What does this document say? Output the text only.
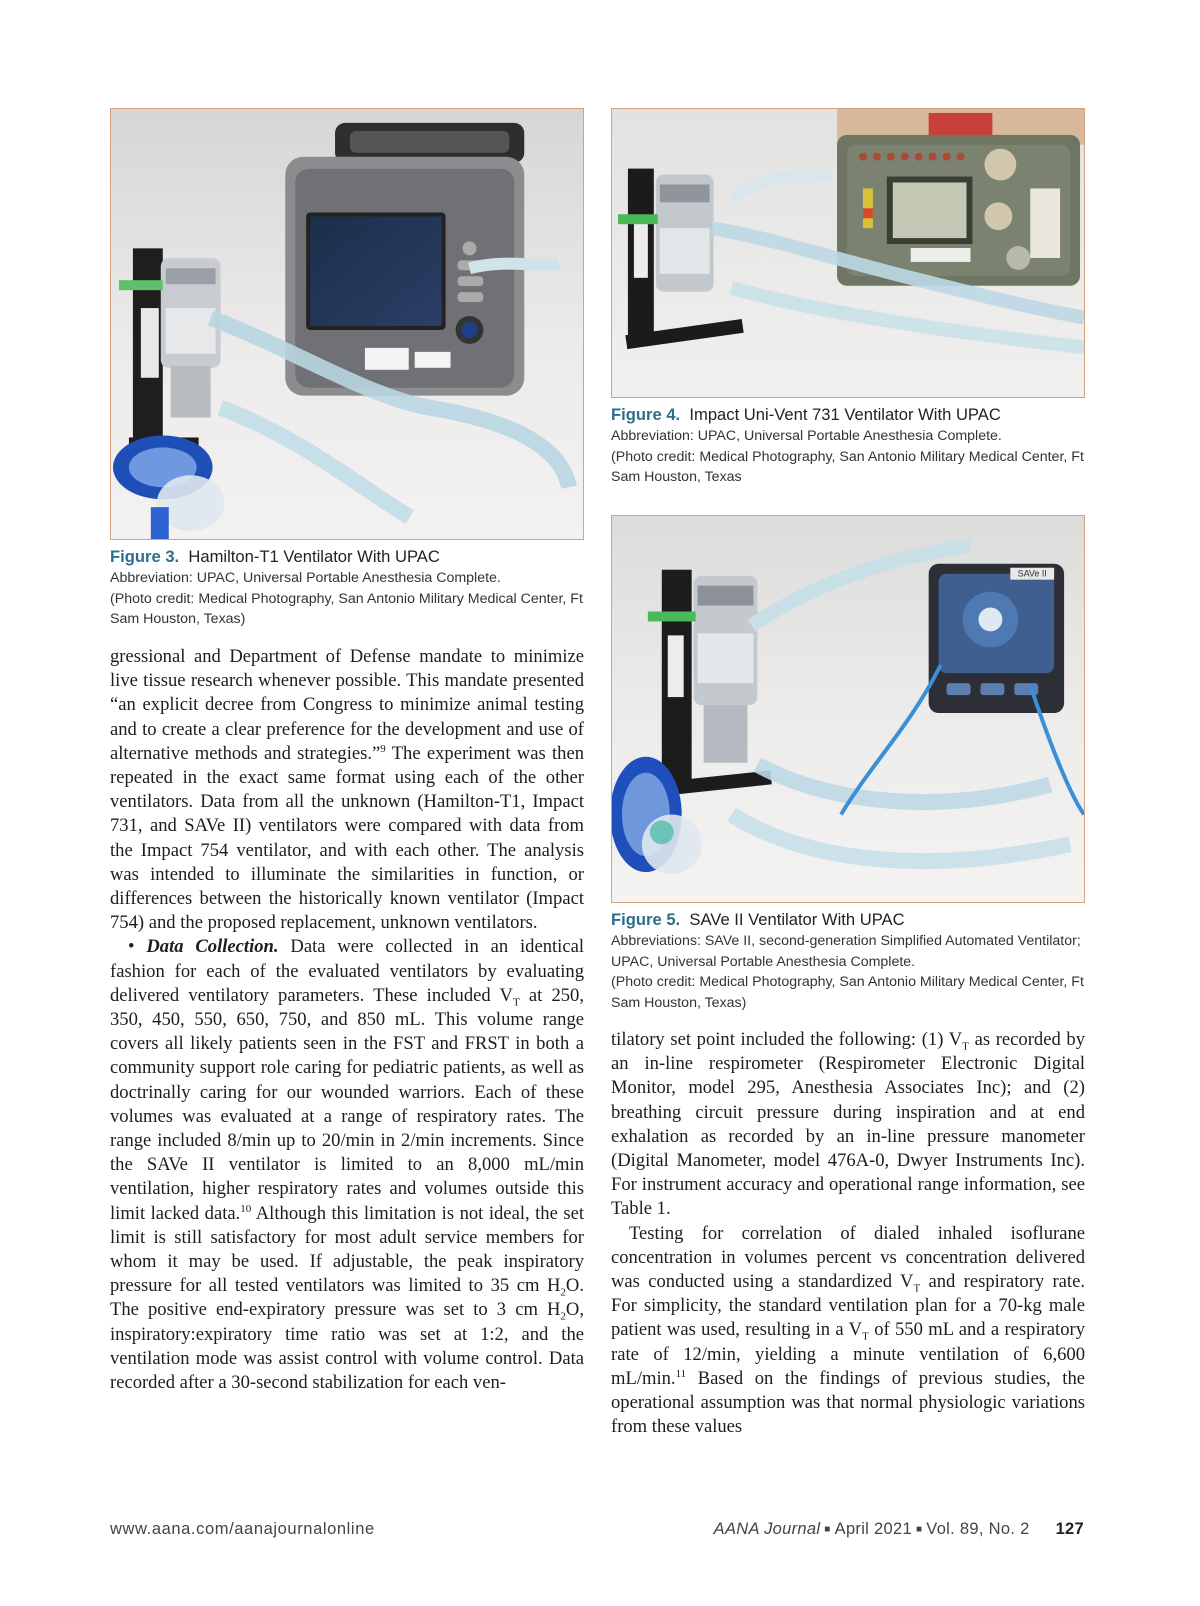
Figure 3. Hamilton-T1 Ventilator With UPAC
Abbreviation: UPAC, Universal Portable Anesthesia Complete.
(Photo credit: Medical Photography, San Antonio Military Medical Center, Ft Sam Houston, Texas)

gressional and Department of Defense mandate to minimize live tissue research whenever possible. This mandate presented “an explicit decree from Congress to minimize animal testing and to create a clear preference for the development and use of alternative methods and strategies.”$^9$ The experiment was then repeated in the exact same format using each of the other ventilators. Data from all the unknown (Hamilton-T1, Impact 731, and SAVe II) ventilators were compared with data from the Impact 754 ventilator, and with each other. The analysis was intended to illuminate the similarities in function, or differences between the historically known ventilator (Impact 754) and the proposed replacement, unknown ventilators.

• Data Collection. Data were collected in an identical fashion for each of the evaluated ventilators by evaluating delivered ventilatory parameters. These included $V_T$ at 250, 350, 450, 550, 650, 750, and 850 mL. This volume range covers all likely patients seen in the FST and FRST in both a community support role caring for pediatric patients, as well as doctrinally caring for our wounded warriors. Each of these volumes was evaluated at a range of respiratory rates. The range included 8/min up to 20/min in 2/min increments. Since the SAVe II ventilator is limited to an 8,000 mL/min ventilation, higher respiratory rates and volumes outside this limit lacked data.$^{10}$ Although this limitation is not ideal, the set limit is still satisfactory for most adult service members for whom it may be used. If adjustable, the peak inspiratory pressure for all tested ventilators was limited to 35 cm $H_2O$. The positive end-expiratory pressure was set to 3 cm $H_2O$, inspiratory:expiratory time ratio was set at 1:2, and the ventilation mode was assist control with volume control. Data recorded after a 30-second stabilization for each ven-

Figure 4. Impact Uni-Vent 731 Ventilator With UPAC
Abbreviation: UPAC, Universal Portable Anesthesia Complete.
(Photo credit: Medical Photography, San Antonio Military Medical Center, Ft Sam Houston, Texas
SAVe II
Figure 5. SAVe II Ventilator With UPAC
Abbreviations: SAVe II, second-generation Simplified Automated Ventilator; UPAC, Universal Portable Anesthesia Complete.
(Photo credit: Medical Photography, San Antonio Military Medical Center, Ft Sam Houston, Texas)

tilatory set point included the following: (1) $V_T$ as recorded by an in-line respirometer (Respirometer Electronic Digital Monitor, model 295, Anesthesia Associates Inc); and (2) breathing circuit pressure during inspiration and at end exhalation as recorded by an in-line pressure manometer (Digital Manometer, model 476A-0, Dwyer Instruments Inc). For instrument accuracy and operational range information, see Table 1.

Testing for correlation of dialed inhaled isoflurane concentration in volumes percent vs concentration delivered was conducted using a standardized $V_T$ and respiratory rate. For simplicity, the standard ventilation plan for a 70-kg male patient was used, resulting in a $V_T$ of 550 mL and a respiratory rate of 12/min, yielding a minute ventilation of 6,600 mL/min.$^{11}$ Based on the findings of previous studies, the operational assumption was that normal physiologic variations from these values

www.aana.com/aanajournalonline	AANA Journal ■ April 2021 ■ Vol. 89, No. 2 127
